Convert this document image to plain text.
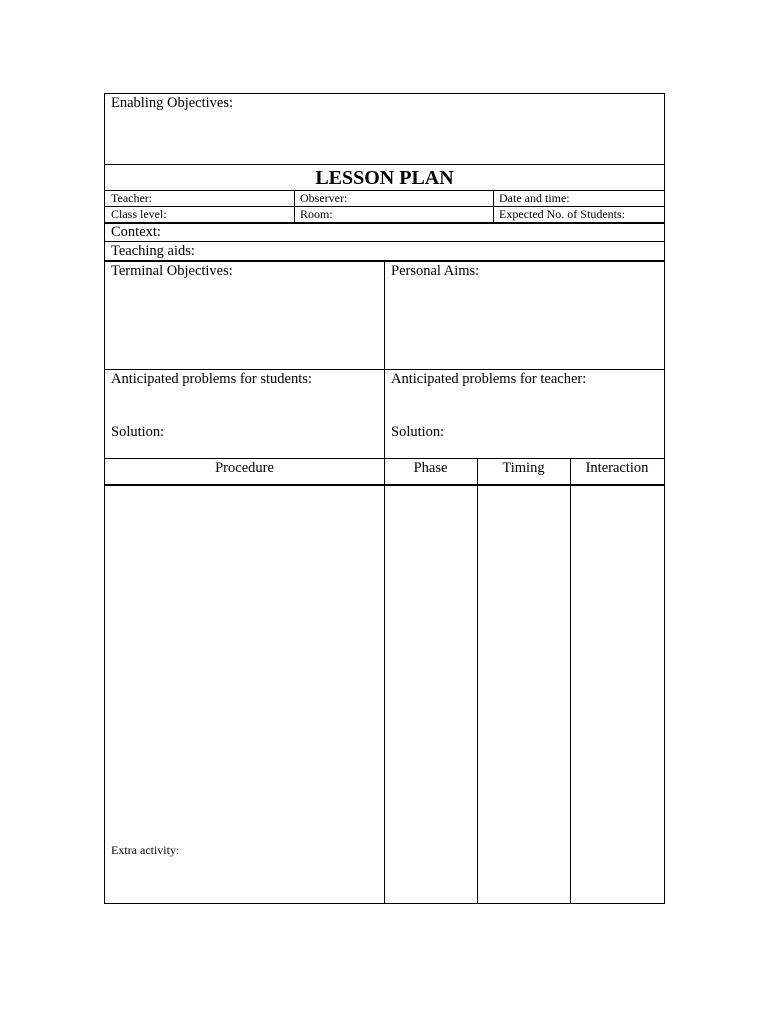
Enabling Objectives:
LESSON PLAN
Teacher:	Observer:	Date and time:
Class level:	Room:	Expected No. of Students:
Context:
Teaching aids:
Terminal Objectives:	Personal Aims:
Anticipated problems for students:	Anticipated problems for teacher:
Solution:	Solution:
Procedure	Phase	Timing	Interaction
Extra activity:
